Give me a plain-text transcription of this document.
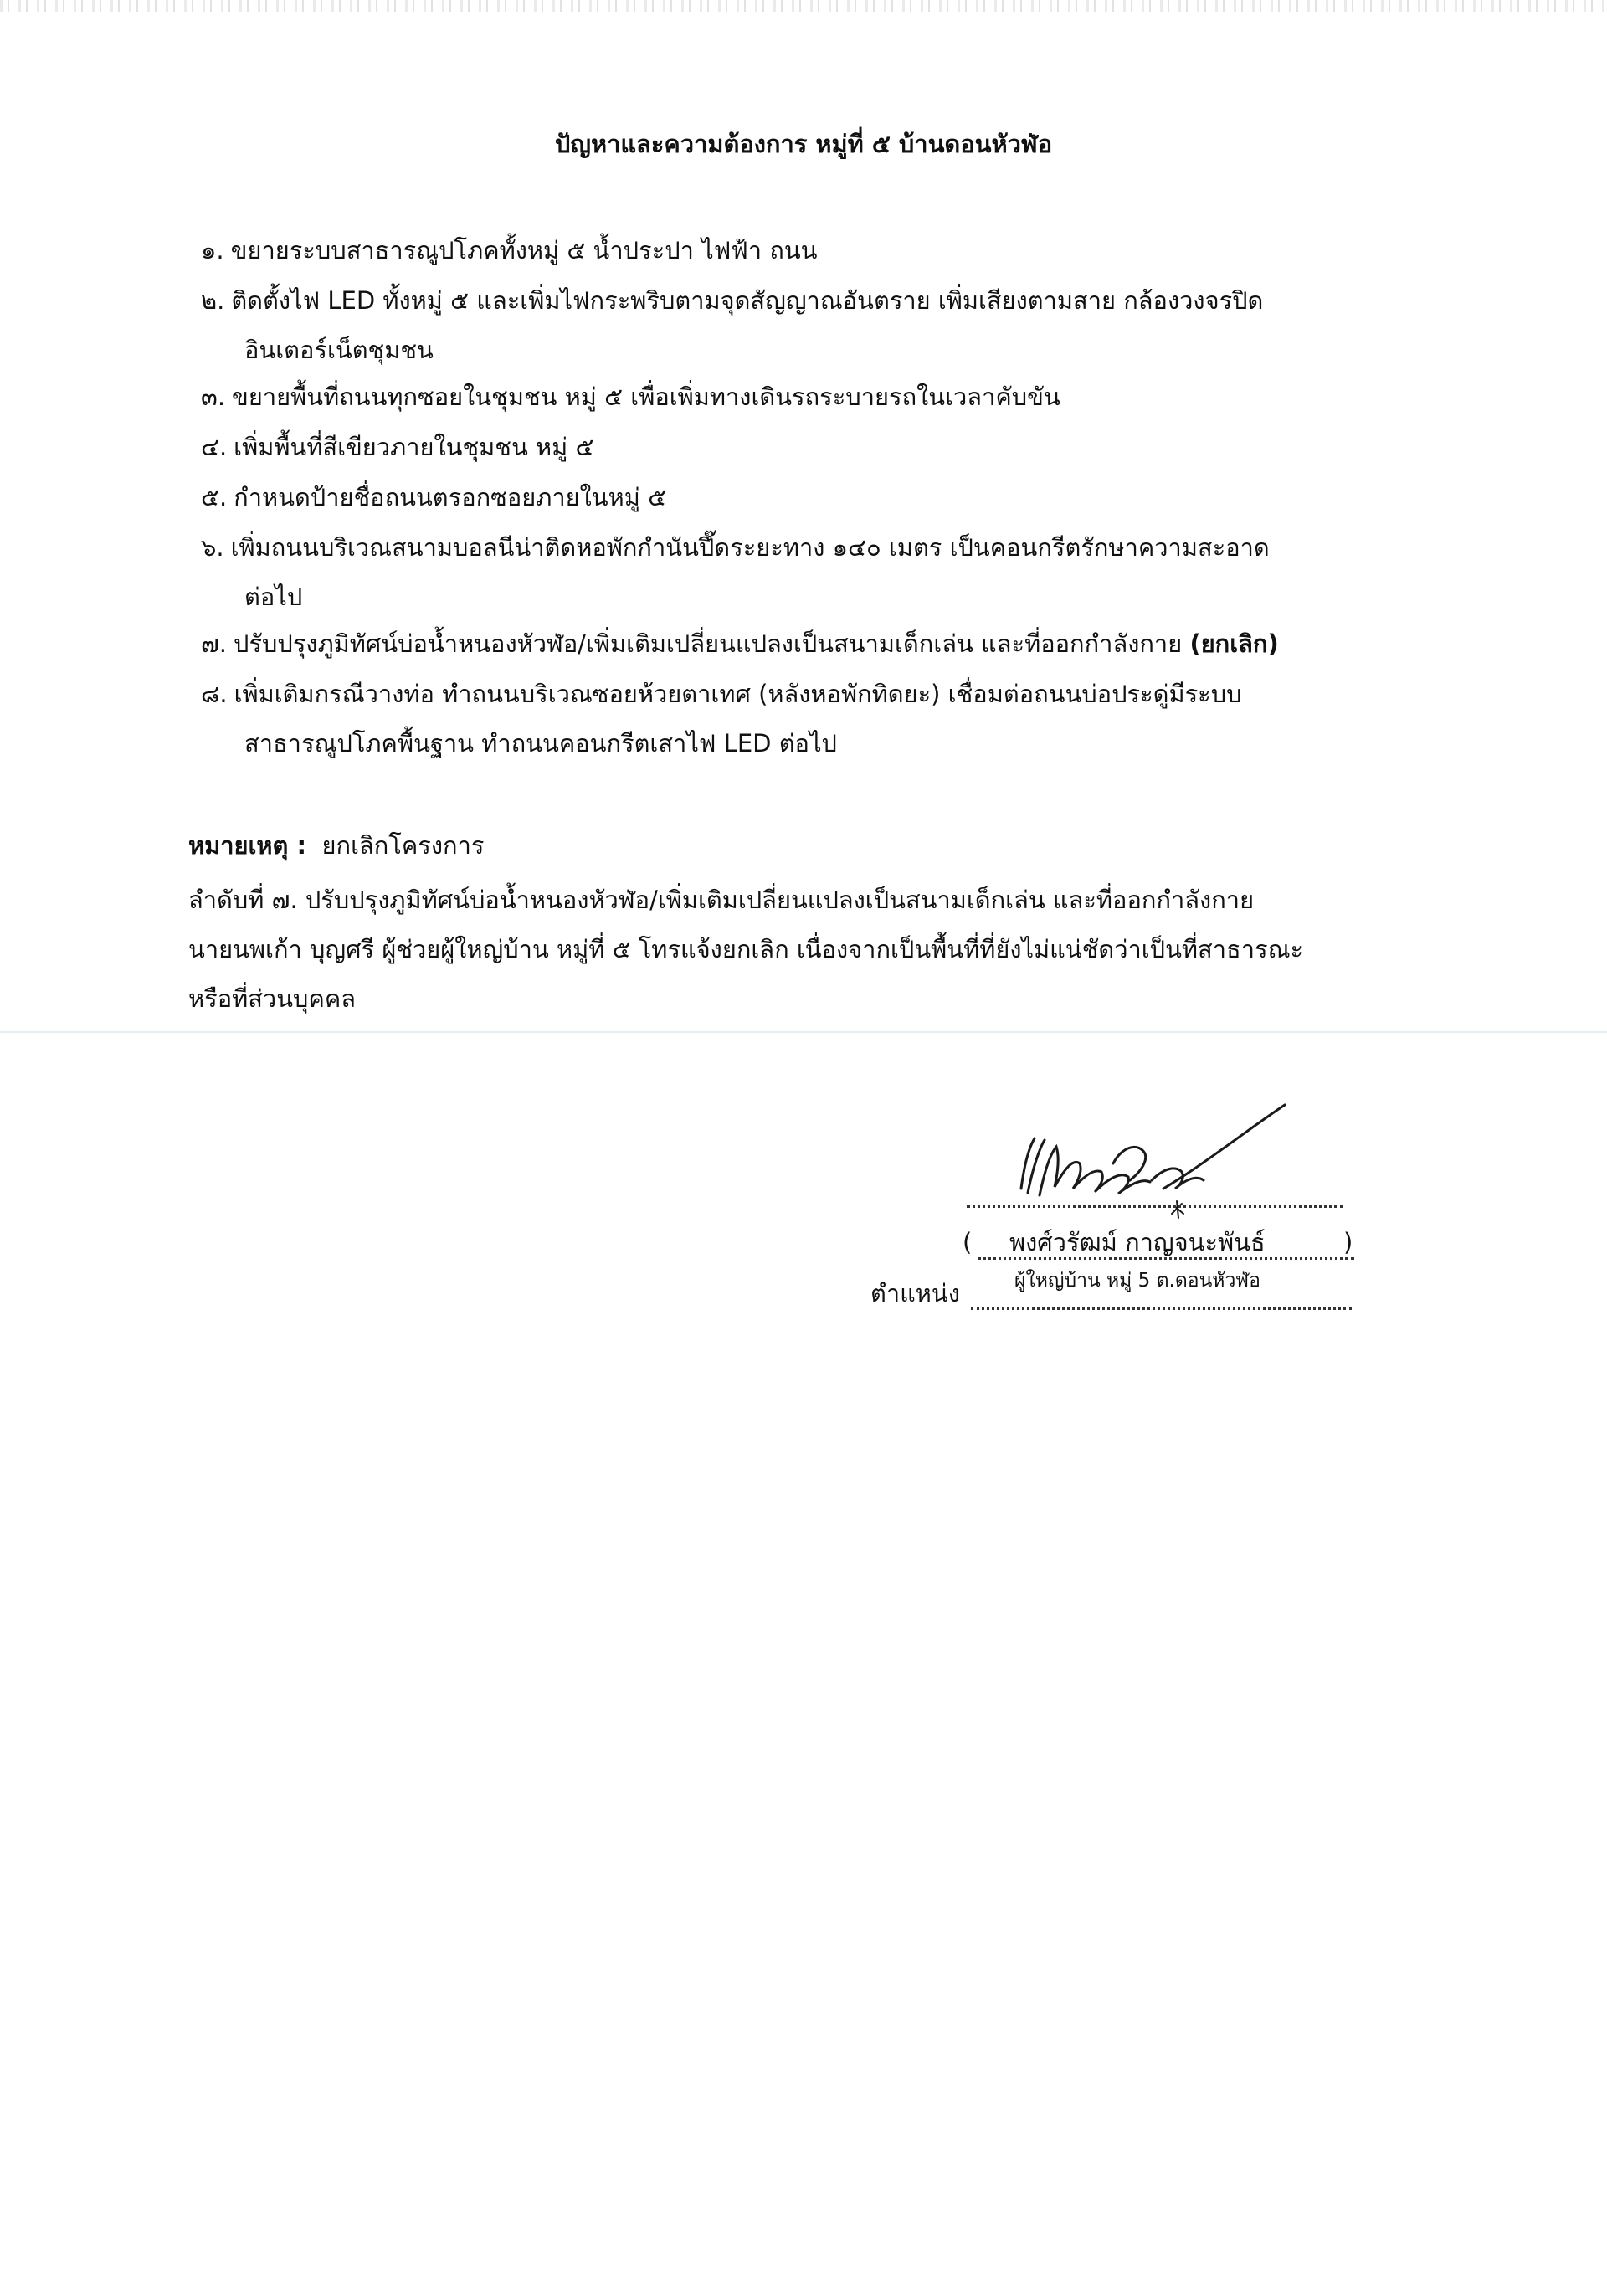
ปัญหาและความต้องการ หมู่ที่ ๕ บ้านดอนหัวฬ่อ
๑. ขยายระบบสาธารณูปโภคทั้งหมู่ ๕ น้ำประปา ไฟฟ้า ถนน
๒. ติดตั้งไฟ LED ทั้งหมู่ ๕ และเพิ่มไฟกระพริบตามจุดสัญญาณอันตราย เพิ่มเสียงตามสาย กล้องวงจรปิด
อินเตอร์เน็ตชุมชน
๓. ขยายพื้นที่ถนนทุกซอยในชุมชน หมู่ ๕ เพื่อเพิ่มทางเดินรถระบายรถในเวลาคับขัน
๔. เพิ่มพื้นที่สีเขียวภายในชุมชน หมู่ ๕
๕. กำหนดป้ายชื่อถนนตรอกซอยภายในหมู่ ๕
๖. เพิ่มถนนบริเวณสนามบอลนีน่าติดหอพักกำนันปึ๊ดระยะทาง ๑๔๐ เมตร เป็นคอนกรีตรักษาความสะอาด
ต่อไป
๗. ปรับปรุงภูมิทัศน์บ่อน้ำหนองหัวฬ่อ/เพิ่มเติมเปลี่ยนแปลงเป็นสนามเด็กเล่น และที่ออกกำลังกาย (ยกเลิก)
๘. เพิ่มเติมกรณีวางท่อ ทำถนนบริเวณซอยห้วยตาเทศ (หลังหอพักทิดยะ) เชื่อมต่อถนนบ่อประดู่มีระบบ
สาธารณูปโภคพื้นฐาน ทำถนนคอนกรีตเสาไฟ LED ต่อไป
หมายเหตุ : ยกเลิกโครงการ
ลำดับที่ ๗. ปรับปรุงภูมิทัศน์บ่อน้ำหนองหัวฬ่อ/เพิ่มเติมเปลี่ยนแปลงเป็นสนามเด็กเล่น และที่ออกกำลังกาย
นายนพเก้า บุญศรี ผู้ช่วยผู้ใหญ่บ้าน หมู่ที่ ๕ โทรแจ้งยกเลิก เนื่องจากเป็นพื้นที่ที่ยังไม่แน่ชัดว่าเป็นที่สาธารณะ
หรือที่ส่วนบุคคล
( พงศ์วรัฒม์ กาญจนะพันธ์	)
ตำแหน่ง	ผู้ใหญ่บ้าน หมู่ 5 ต.ดอนหัวฬ่อ
